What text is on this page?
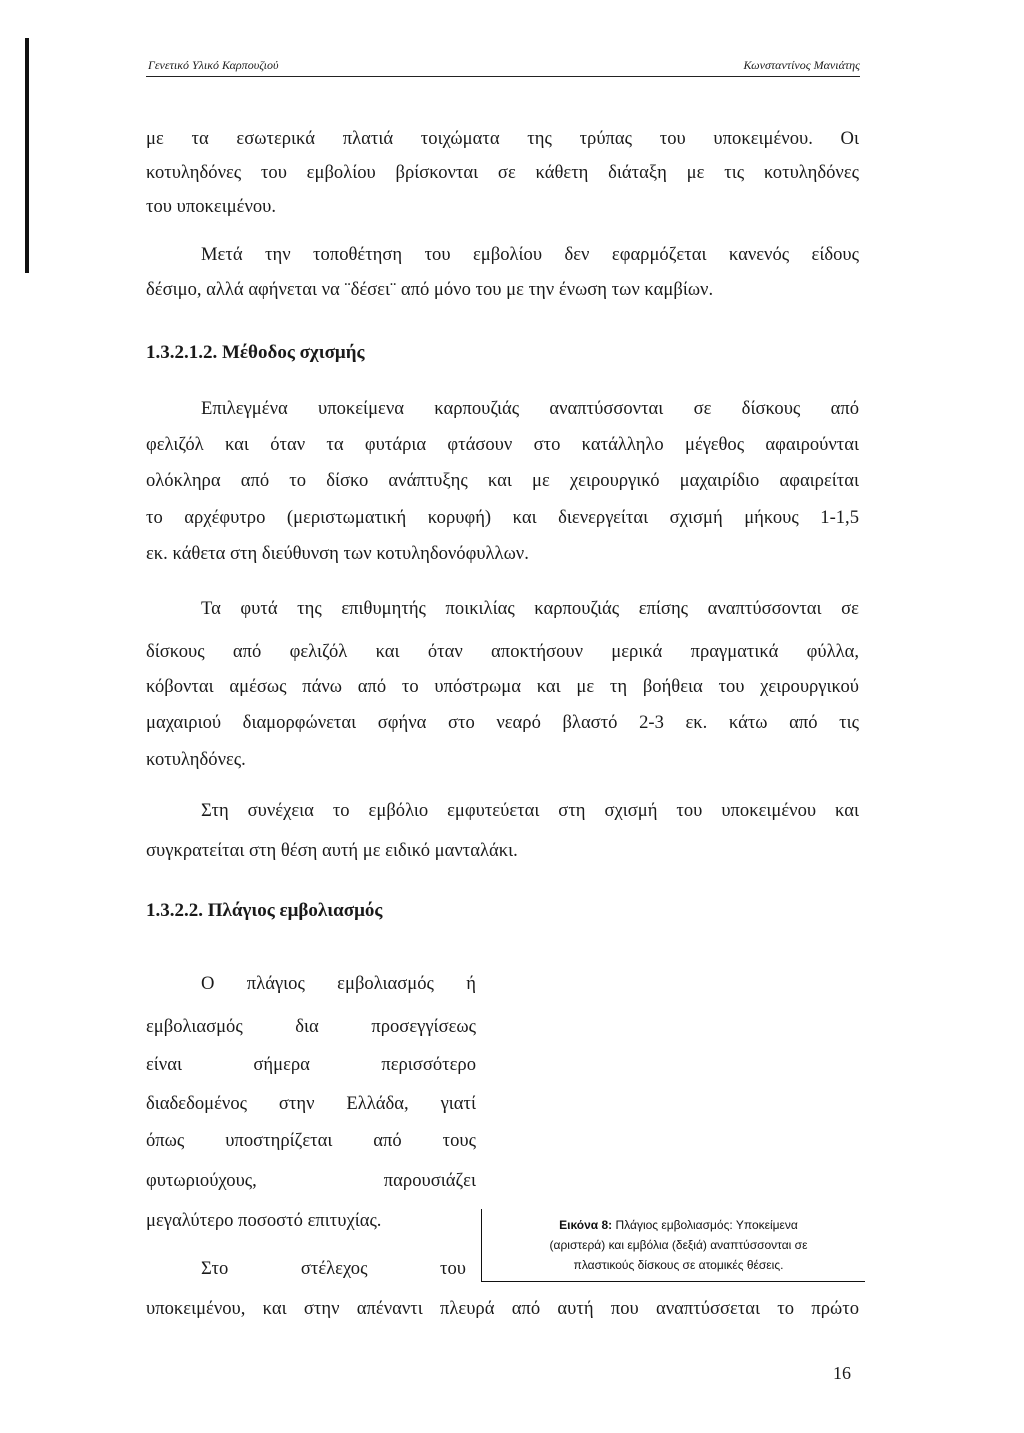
Γενετικό Υλικό Καρπουζιού	Κωνσταντίνος Μανιάτης
με τα εσωτερικά πλατιά τοιχώματα της τρύπας του υποκειμένου. Οι
κοτυληδόνες του εμβολίου βρίσκονται σε κάθετη διάταξη με τις κοτυληδόνες
του υποκειμένου.
Μετά την τοποθέτηση του εμβολίου δεν εφαρμόζεται κανενός είδους
δέσιμο, αλλά αφήνεται να ¨δέσει¨ από μόνο του με την ένωση των καμβίων.
1.3.2.1.2. Μέθοδος σχισμής
Επιλεγμένα υποκείμενα καρπουζιάς αναπτύσσονται σε δίσκους από
φελιζόλ και όταν τα φυτάρια φτάσουν στο κατάλληλο μέγεθος αφαιρούνται
ολόκληρα από το δίσκο ανάπτυξης και με χειρουργικό μαχαιρίδιο αφαιρείται
το αρχέφυτρο (μεριστωματική κορυφή) και διενεργείται σχισμή μήκους 1-1,5
εκ. κάθετα στη διεύθυνση των κοτυληδονόφυλλων.
Τα φυτά της επιθυμητής ποικιλίας καρπουζιάς επίσης αναπτύσσονται σε
δίσκους από φελιζόλ και όταν αποκτήσουν μερικά πραγματικά φύλλα,
κόβονται αμέσως πάνω από το υπόστρωμα και με τη βοήθεια του χειρουργικού
μαχαιριού διαμορφώνεται σφήνα στο νεαρό βλαστό 2-3 εκ. κάτω από τις
κοτυληδόνες.
Στη συνέχεια το εμβόλιο εμφυτεύεται στη σχισμή του υποκειμένου και
συγκρατείται στη θέση αυτή με ειδικό μανταλάκι.
1.3.2.2. Πλάγιος εμβολιασμός
Ο πλάγιος εμβολιασμός ή
εμβολιασμός δια προσεγγίσεως
είναι σήμερα περισσότερο
διαδεδομένος στην Ελλάδα, γιατί
όπως υποστηρίζεται από τους
φυτωριούχους, παρουσιάζει
μεγαλύτερο ποσοστό επιτυχίας.
Στο στέλεχος του
υποκειμένου, και στην απέναντι πλευρά από αυτή που αναπτύσσεται το πρώτο
Εικόνα 8: Πλάγιος εμβολιασμός: Υποκείμενα
(αριστερά) και εμβόλια (δεξιά) αναπτύσσονται σε
πλαστικούς δίσκους σε ατομικές θέσεις.
16
